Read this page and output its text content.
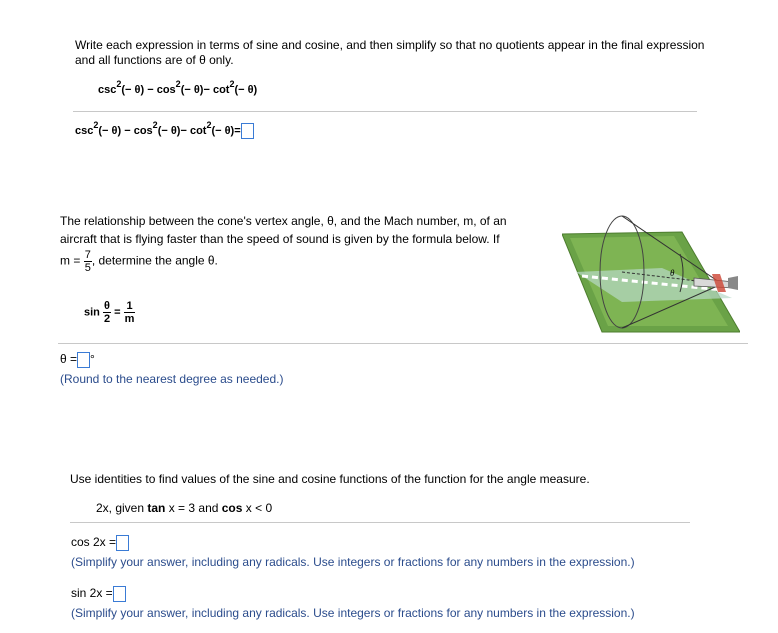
Write each expression in terms of sine and cosine, and then simplify so that no quotients appear in the final expression and all functions are of θ only.
$\csc^2(- \theta) - \cos^2(- \theta)- \cot^2(- \theta)$
$\csc^2(- \theta) - \cos^2(- \theta)- \cot^2(- \theta)=$
The relationship between the cone's vertex angle, θ, and the Mach number, m, of an
aircraft that is flying faster than the speed of sound is given by the formula below. If
$m = \frac{7}{5}$ , determine the angle θ.
$\sin \frac{\theta}{2} = \frac{1}{m}$
θ
θ = °
(Round to the nearest degree as needed.)
Use identities to find values of the sine and cosine functions of the function for the angle measure.
2x, given tan x = 3 and cos x < 0
cos 2x =
(Simplify your answer, including any radicals. Use integers or fractions for any numbers in the expression.)
sin 2x =
(Simplify your answer, including any radicals. Use integers or fractions for any numbers in the expression.)
